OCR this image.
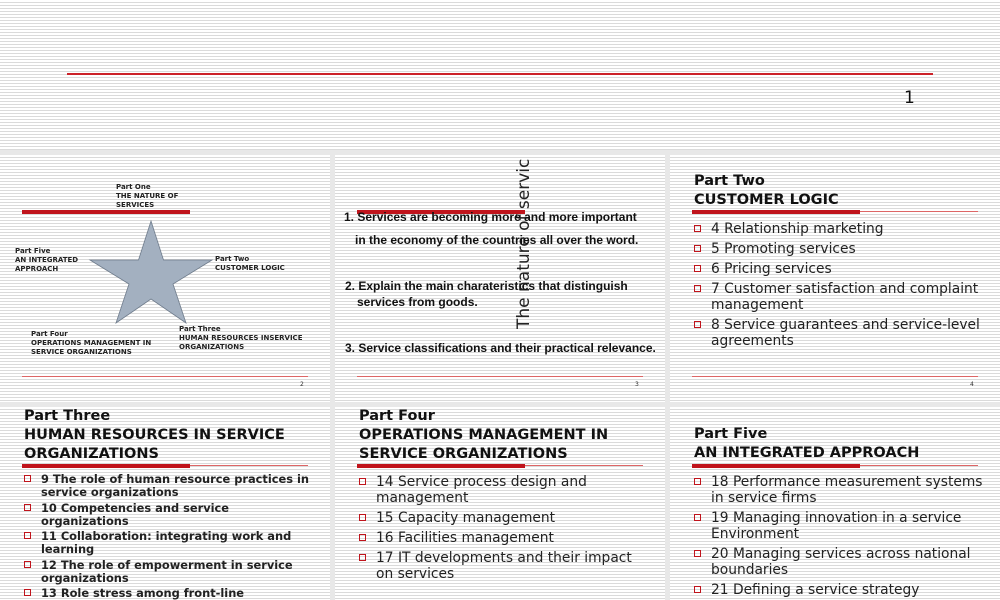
1
Part One
THE NATURE OF SERVICES
Part Five
AN INTEGRATED APPROACH
Part Two
CUSTOMER LOGIC
Part Three
HUMAN RESOURCES INSERVICE ORGANIZATIONS
Part Four
OPERATIONS MANAGEMENT IN SERVICE ORGANIZATIONS
2
The nature of servic
1. Services are becoming more and more important
in the economy of the countries all over the word.
2. Explain the main charateristics that distinguish
services from goods.
3. Service classifications and their practical relevance.
3
Part Two
CUSTOMER LOGIC
4 Relationship marketing
5 Promoting services
6 Pricing services
7 Customer satisfaction and complaint management
8 Service guarantees and service-level agreements
4
Part Three
HUMAN RESOURCES IN SERVICE ORGANIZATIONS
9 The role of human resource practices in service organizations
10 Competencies and service organizations
11 Collaboration: integrating work and learning
12 The role of empowerment in service organizations
13 Role stress among front-line
Part Four
OPERATIONS MANAGEMENT IN SERVICE ORGANIZATIONS
14 Service process design and management
15 Capacity management
16 Facilities management
17 IT developments and their impact on services
Part Five
AN INTEGRATED APPROACH
18 Performance measurement systems in service firms
19 Managing innovation in a service Environment
20 Managing services across national boundaries
21 Defining a service strategy
